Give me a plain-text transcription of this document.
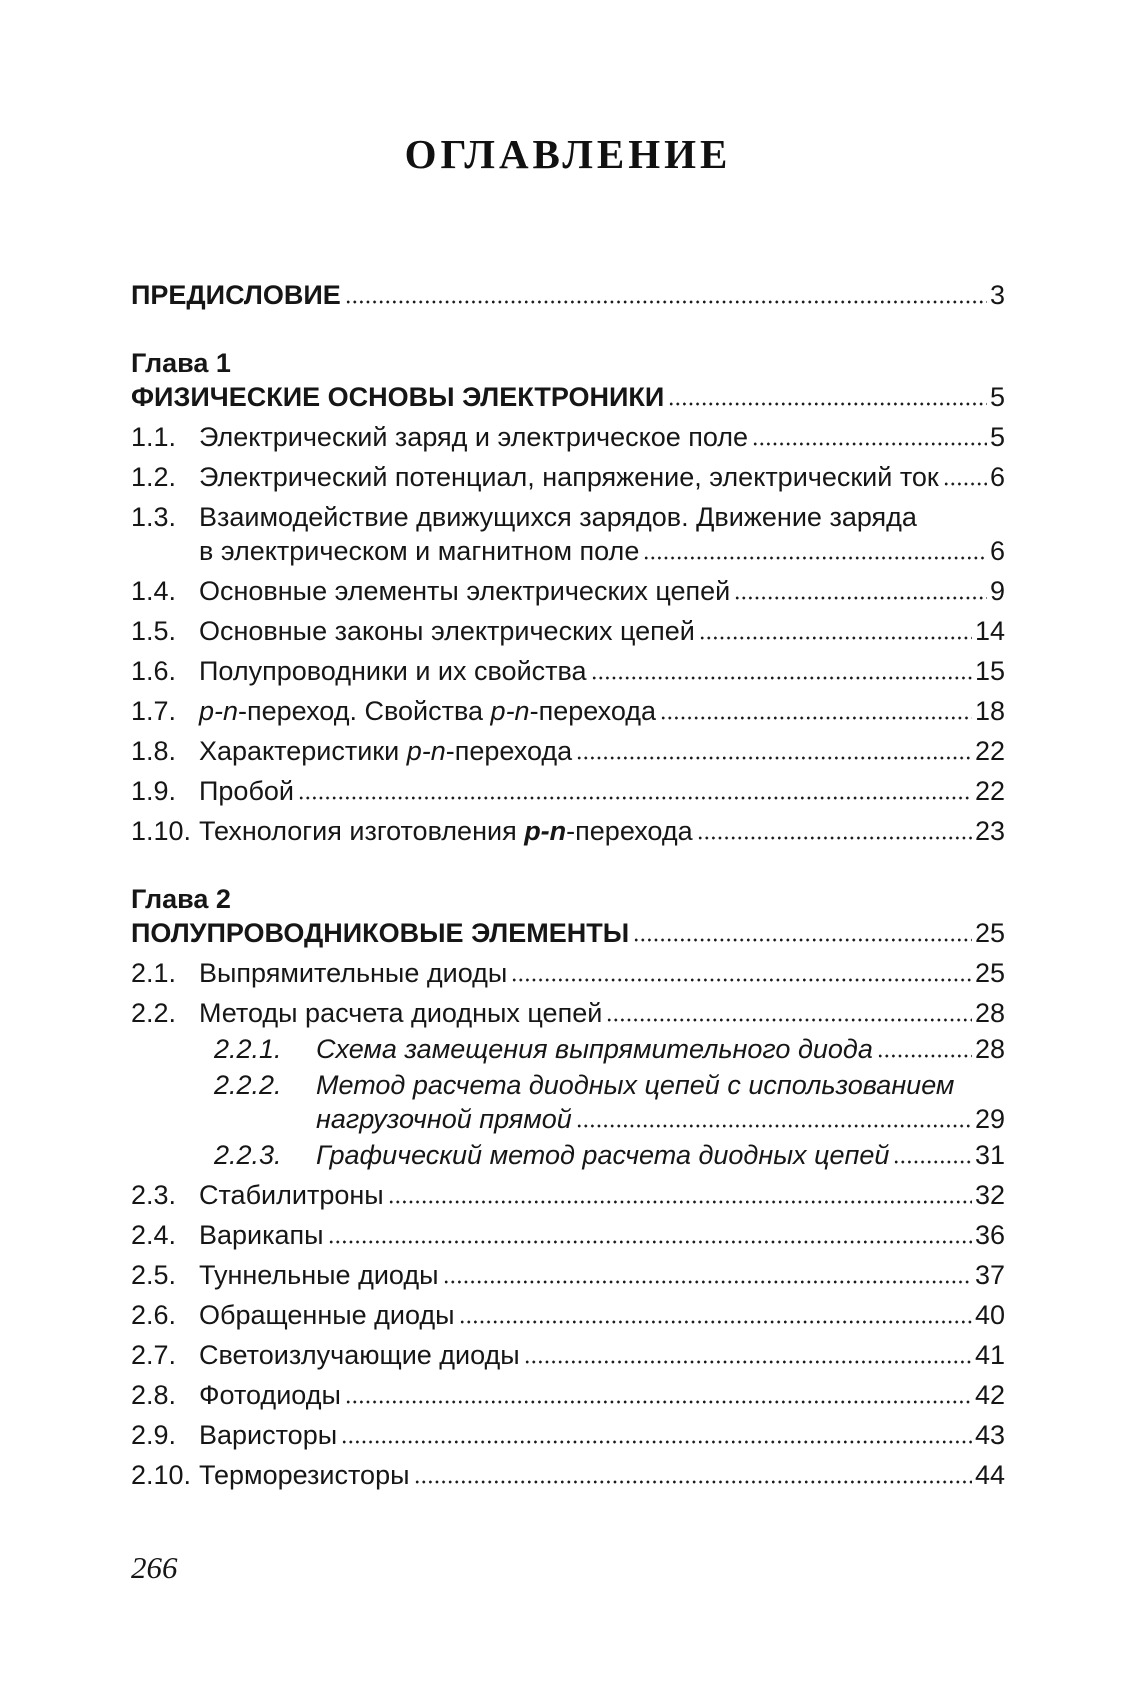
ОГЛАВЛЕНИЕ
ПРЕДИСЛОВИЕ	3
Глава 1
ФИЗИЧЕСКИЕ ОСНОВЫ ЭЛЕКТРОНИКИ	5
1.1. Электрический заряд и электрическое поле	5
1.2. Электрический потенциал, напряжение, электрический ток 6
1.3. Взаимодействие движущихся зарядов. Движение заряда
в электрическом и магнитном поле	6
1.4. Основные элементы электрических цепей	9
1.5. Основные законы электрических цепей	14
1.6. Полупроводники и их свойства	15
1.7. p-n-переход. Свойства p-n-перехода	18
1.8. Характеристики p-n-перехода	22
1.9. Пробой	22
1.10. Технология изготовления p-n-перехода	23
Глава 2
ПОЛУПРОВОДНИКОВЫЕ ЭЛЕМЕНТЫ	25
2.1. Выпрямительные диоды	25
2.2. Методы расчета диодных цепей	28
2.2.1.	Схема замещения выпрямительного диода	28
2.2.2.	Метод расчета диодных цепей с использованием
нагрузочной прямой	29
2.2.3.	Графический метод расчета диодных цепей	31
2.3. Стабилитроны	32
2.4. Варикапы	36
2.5. Туннельные диоды	37
2.6. Обращенные диоды	40
2.7. Светоизлучающие диоды	41
2.8. Фотодиоды	42
2.9. Варисторы	43
2.10. Терморезисторы	44
266
